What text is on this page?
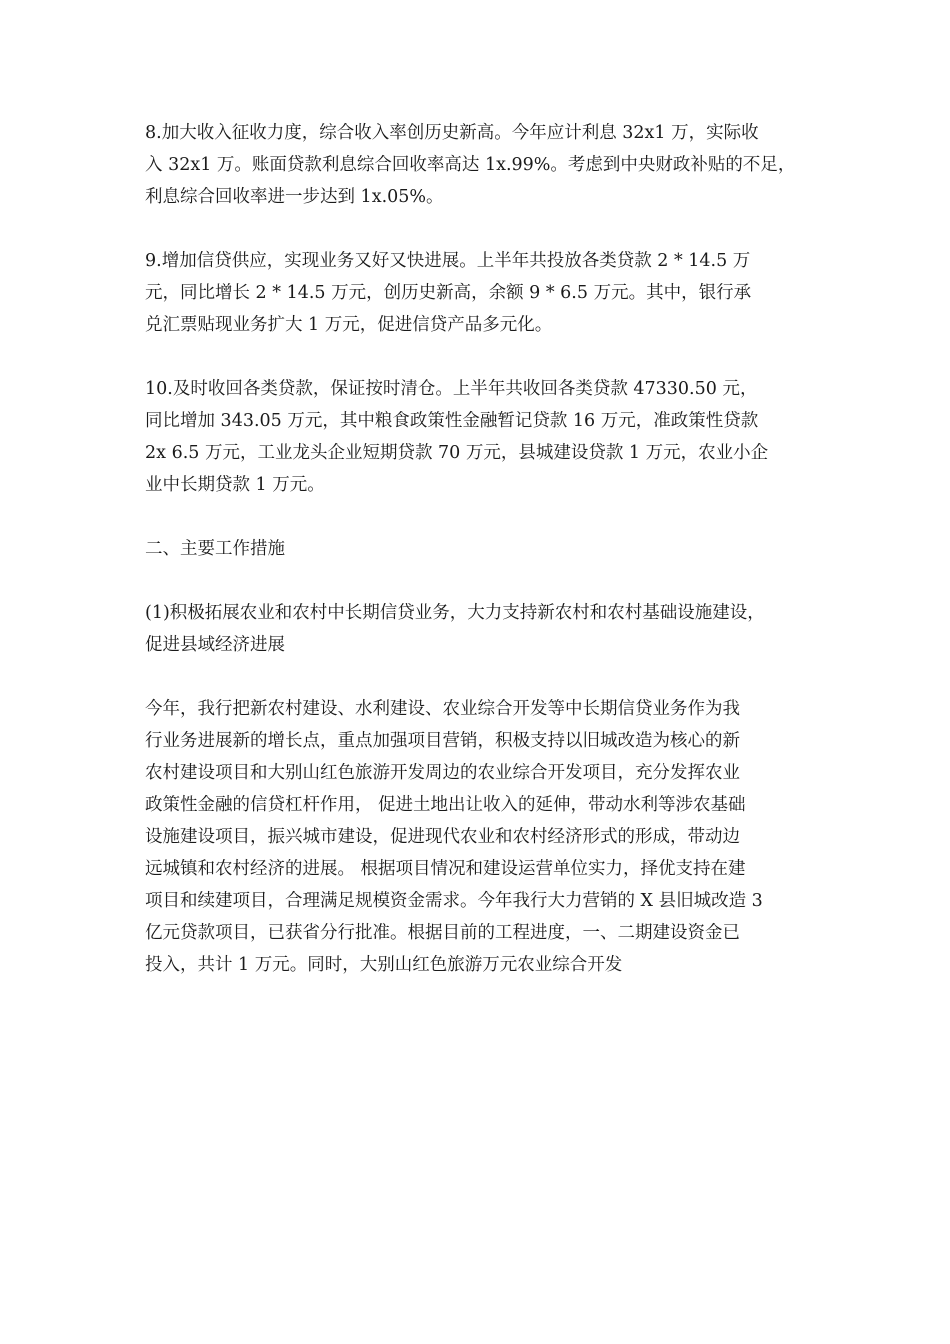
8.加大收入征收力度，综合收入率创历史新高。今年应计利息 32x1 万，实际收
入 32x1 万。账面贷款利息综合回收率高达 1x.99%。考虑到中央财政补贴的不足，
利息综合回收率进一步达到 1x.05%。

9.增加信贷供应，实现业务又好又快进展。上半年共投放各类贷款 2 * 14.5 万
元，同比增长 2 * 14.5 万元，创历史新高，余额 9 * 6.5 万元。其中，银行承
兑汇票贴现业务扩大 1 万元，促进信贷产品多元化。

10.及时收回各类贷款，保证按时清仓。上半年共收回各类贷款 47330.50 元，
同比增加 343.05 万元，其中粮食政策性金融暂记贷款 16 万元，准政策性贷款
2x 6.5 万元，工业龙头企业短期贷款 70 万元，县城建设贷款 1 万元，农业小企
业中长期贷款 1 万元。

二、主要工作措施

(1)积极拓展农业和农村中长期信贷业务，大力支持新农村和农村基础设施建设，
促进县域经济进展

今年，我行把新农村建设、水利建设、农业综合开发等中长期信贷业务作为我
行业务进展新的增长点，重点加强项目营销，积极支持以旧城改造为核心的新
农村建设项目和大别山红色旅游开发周边的农业综合开发项目，充分发挥农业
政策性金融的信贷杠杆作用， 促进土地出让收入的延伸，带动水利等涉农基础
设施建设项目，振兴城市建设，促进现代农业和农村经济形式的形成，带动边
远城镇和农村经济的进展。 根据项目情况和建设运营单位实力，择优支持在建
项目和续建项目，合理满足规模资金需求。今年我行大力营销的 X 县旧城改造 3
亿元贷款项目，已获省分行批准。根据目前的工程进度，一、二期建设资金已
投入，共计 1 万元。同时，大别山红色旅游万元农业综合开发
